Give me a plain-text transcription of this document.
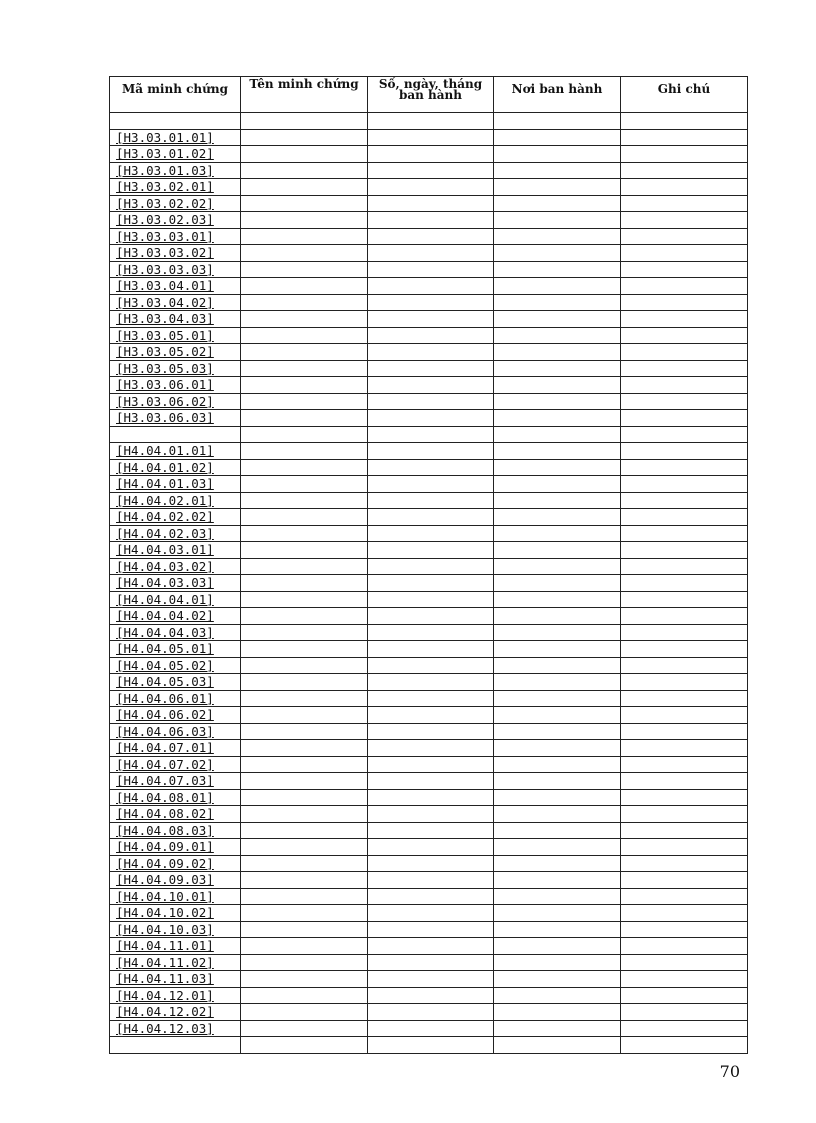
Mã minh chứng	Tên minh chứng	Số, ngày, tháng ban hành	Nơi ban hành	Ghi chú

[H3.03.01.01]				
[H3.03.01.02]				
[H3.03.01.03]				
[H3.03.02.01]				
[H3.03.02.02]				
[H3.03.02.03]				
[H3.03.03.01]				
[H3.03.03.02]				
[H3.03.03.03]				
[H3.03.04.01]				
[H3.03.04.02]				
[H3.03.04.03]				
[H3.03.05.01]				
[H3.03.05.02]				
[H3.03.05.03]				
[H3.03.06.01]				
[H3.03.06.02]				
[H3.03.06.03]				

[H4.04.01.01]				
[H4.04.01.02]				
[H4.04.01.03]				
[H4.04.02.01]				
[H4.04.02.02]				
[H4.04.02.03]				
[H4.04.03.01]				
[H4.04.03.02]				
[H4.04.03.03]				
[H4.04.04.01]				
[H4.04.04.02]				
[H4.04.04.03]				
[H4.04.05.01]				
[H4.04.05.02]				
[H4.04.05.03]				
[H4.04.06.01]				
[H4.04.06.02]				
[H4.04.06.03]				
[H4.04.07.01]				
[H4.04.07.02]				
[H4.04.07.03]				
[H4.04.08.01]				
[H4.04.08.02]				
[H4.04.08.03]				
[H4.04.09.01]				
[H4.04.09.02]				
[H4.04.09.03]				
[H4.04.10.01]				
[H4.04.10.02]				
[H4.04.10.03]				
[H4.04.11.01]				
[H4.04.11.02]				
[H4.04.11.03]				
[H4.04.12.01]				
[H4.04.12.02]				
[H4.04.12.03]				

70
